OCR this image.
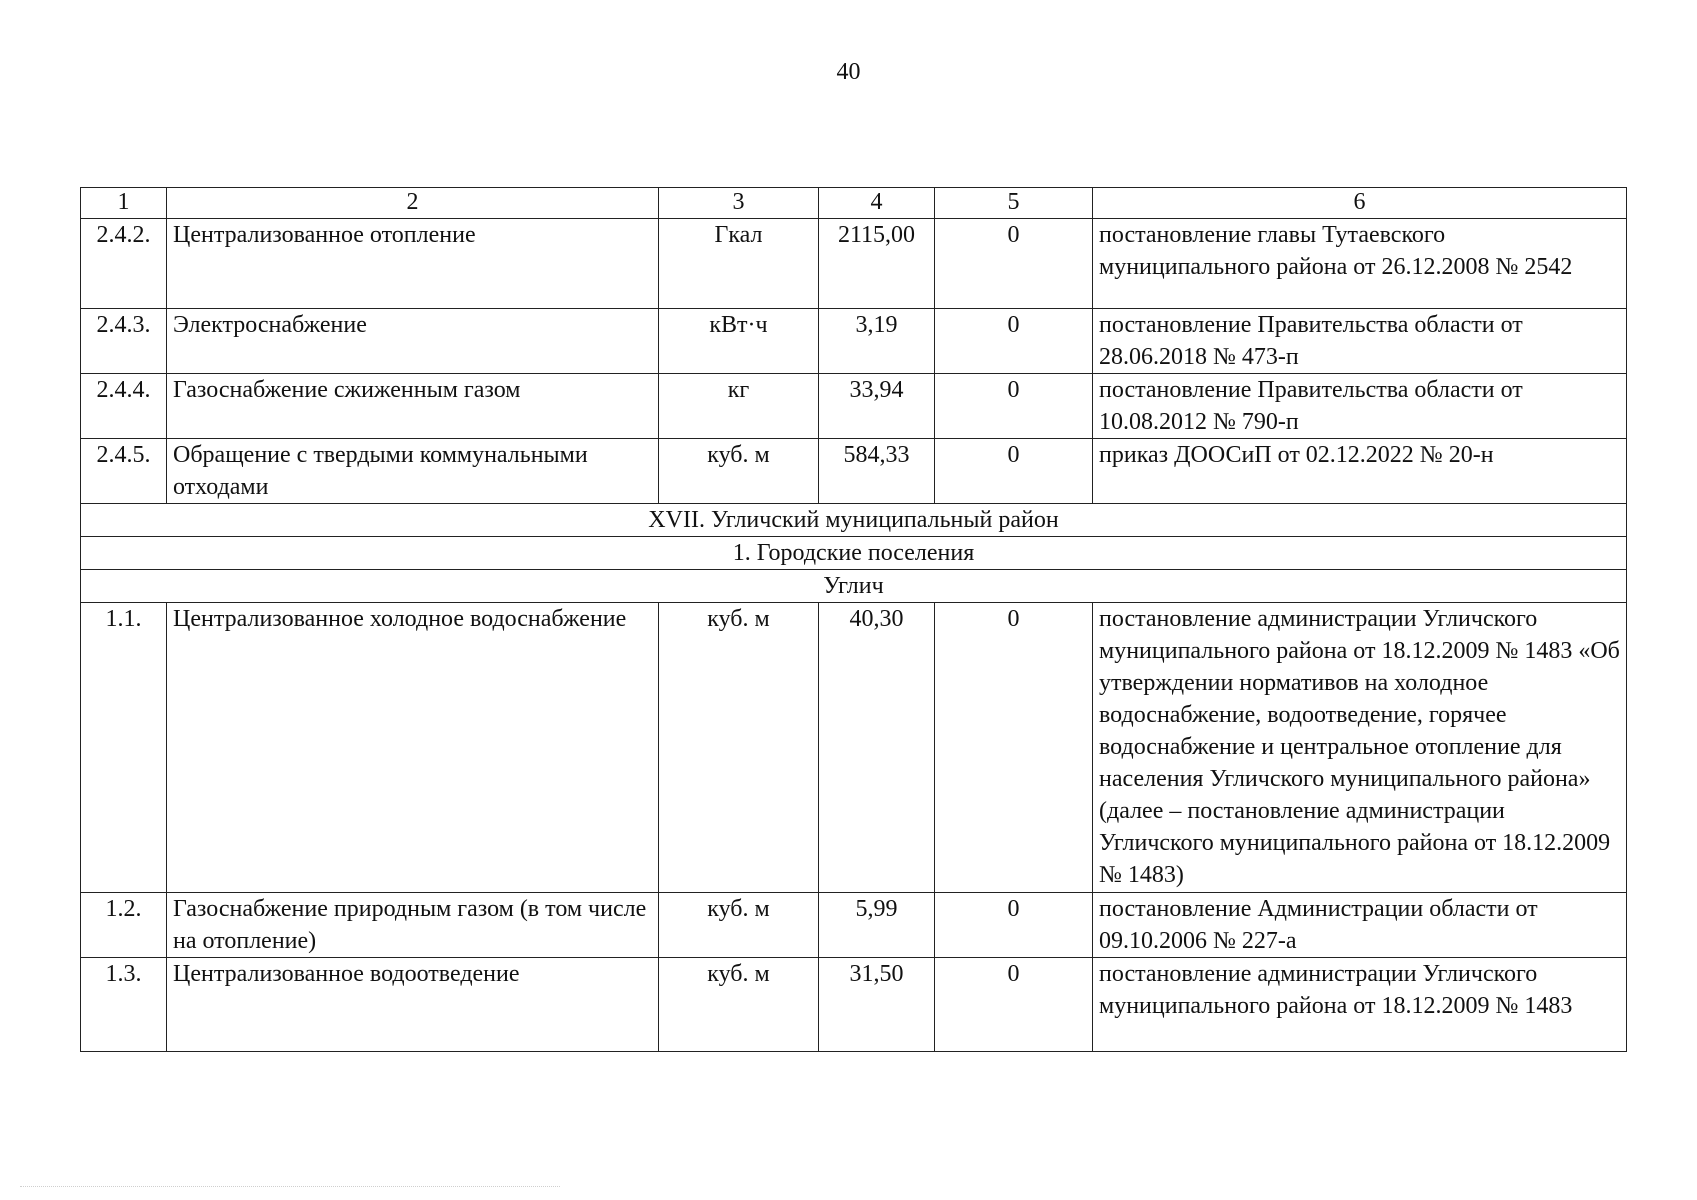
40
1	2	3	4	5	6
2.4.2.	Централизованное отопление	Гкал	2115,00	0	постановление главы Тутаевского муниципального района от 26.12.2008 № 2542
2.4.3.	Электроснабжение	кВт·ч	3,19	0	постановление Правительства области от 28.06.2018 № 473-п
2.4.4.	Газоснабжение сжиженным газом	кг	33,94	0	постановление Правительства области от 10.08.2012 № 790-п
2.4.5.	Обращение с твердыми коммунальными отходами	куб. м	584,33	0	приказ ДООСиП от 02.12.2022 № 20-н
XVII. Угличский муниципальный район					
1. Городские поселения					
Углич					
1.1.	Централизованное холодное водоснабжение	куб. м	40,30	0	постановление администрации Угличского муниципального района от 18.12.2009 № 1483 «Об утверждении нормативов на холодное водоснабжение, водоотведение, горячее водоснабжение и центральное отопление для населения Угличского муниципального района» (далее – постановление администрации Угличского муниципального района от 18.12.2009 № 1483)
1.2.	Газоснабжение природным газом (в том числе на отопление)	куб. м	5,99	0	постановление Администрации области от 09.10.2006 № 227-а
1.3.	Централизованное водоотведение	куб. м	31,50	0	постановление администрации Угличского муниципального района от 18.12.2009 № 1483
